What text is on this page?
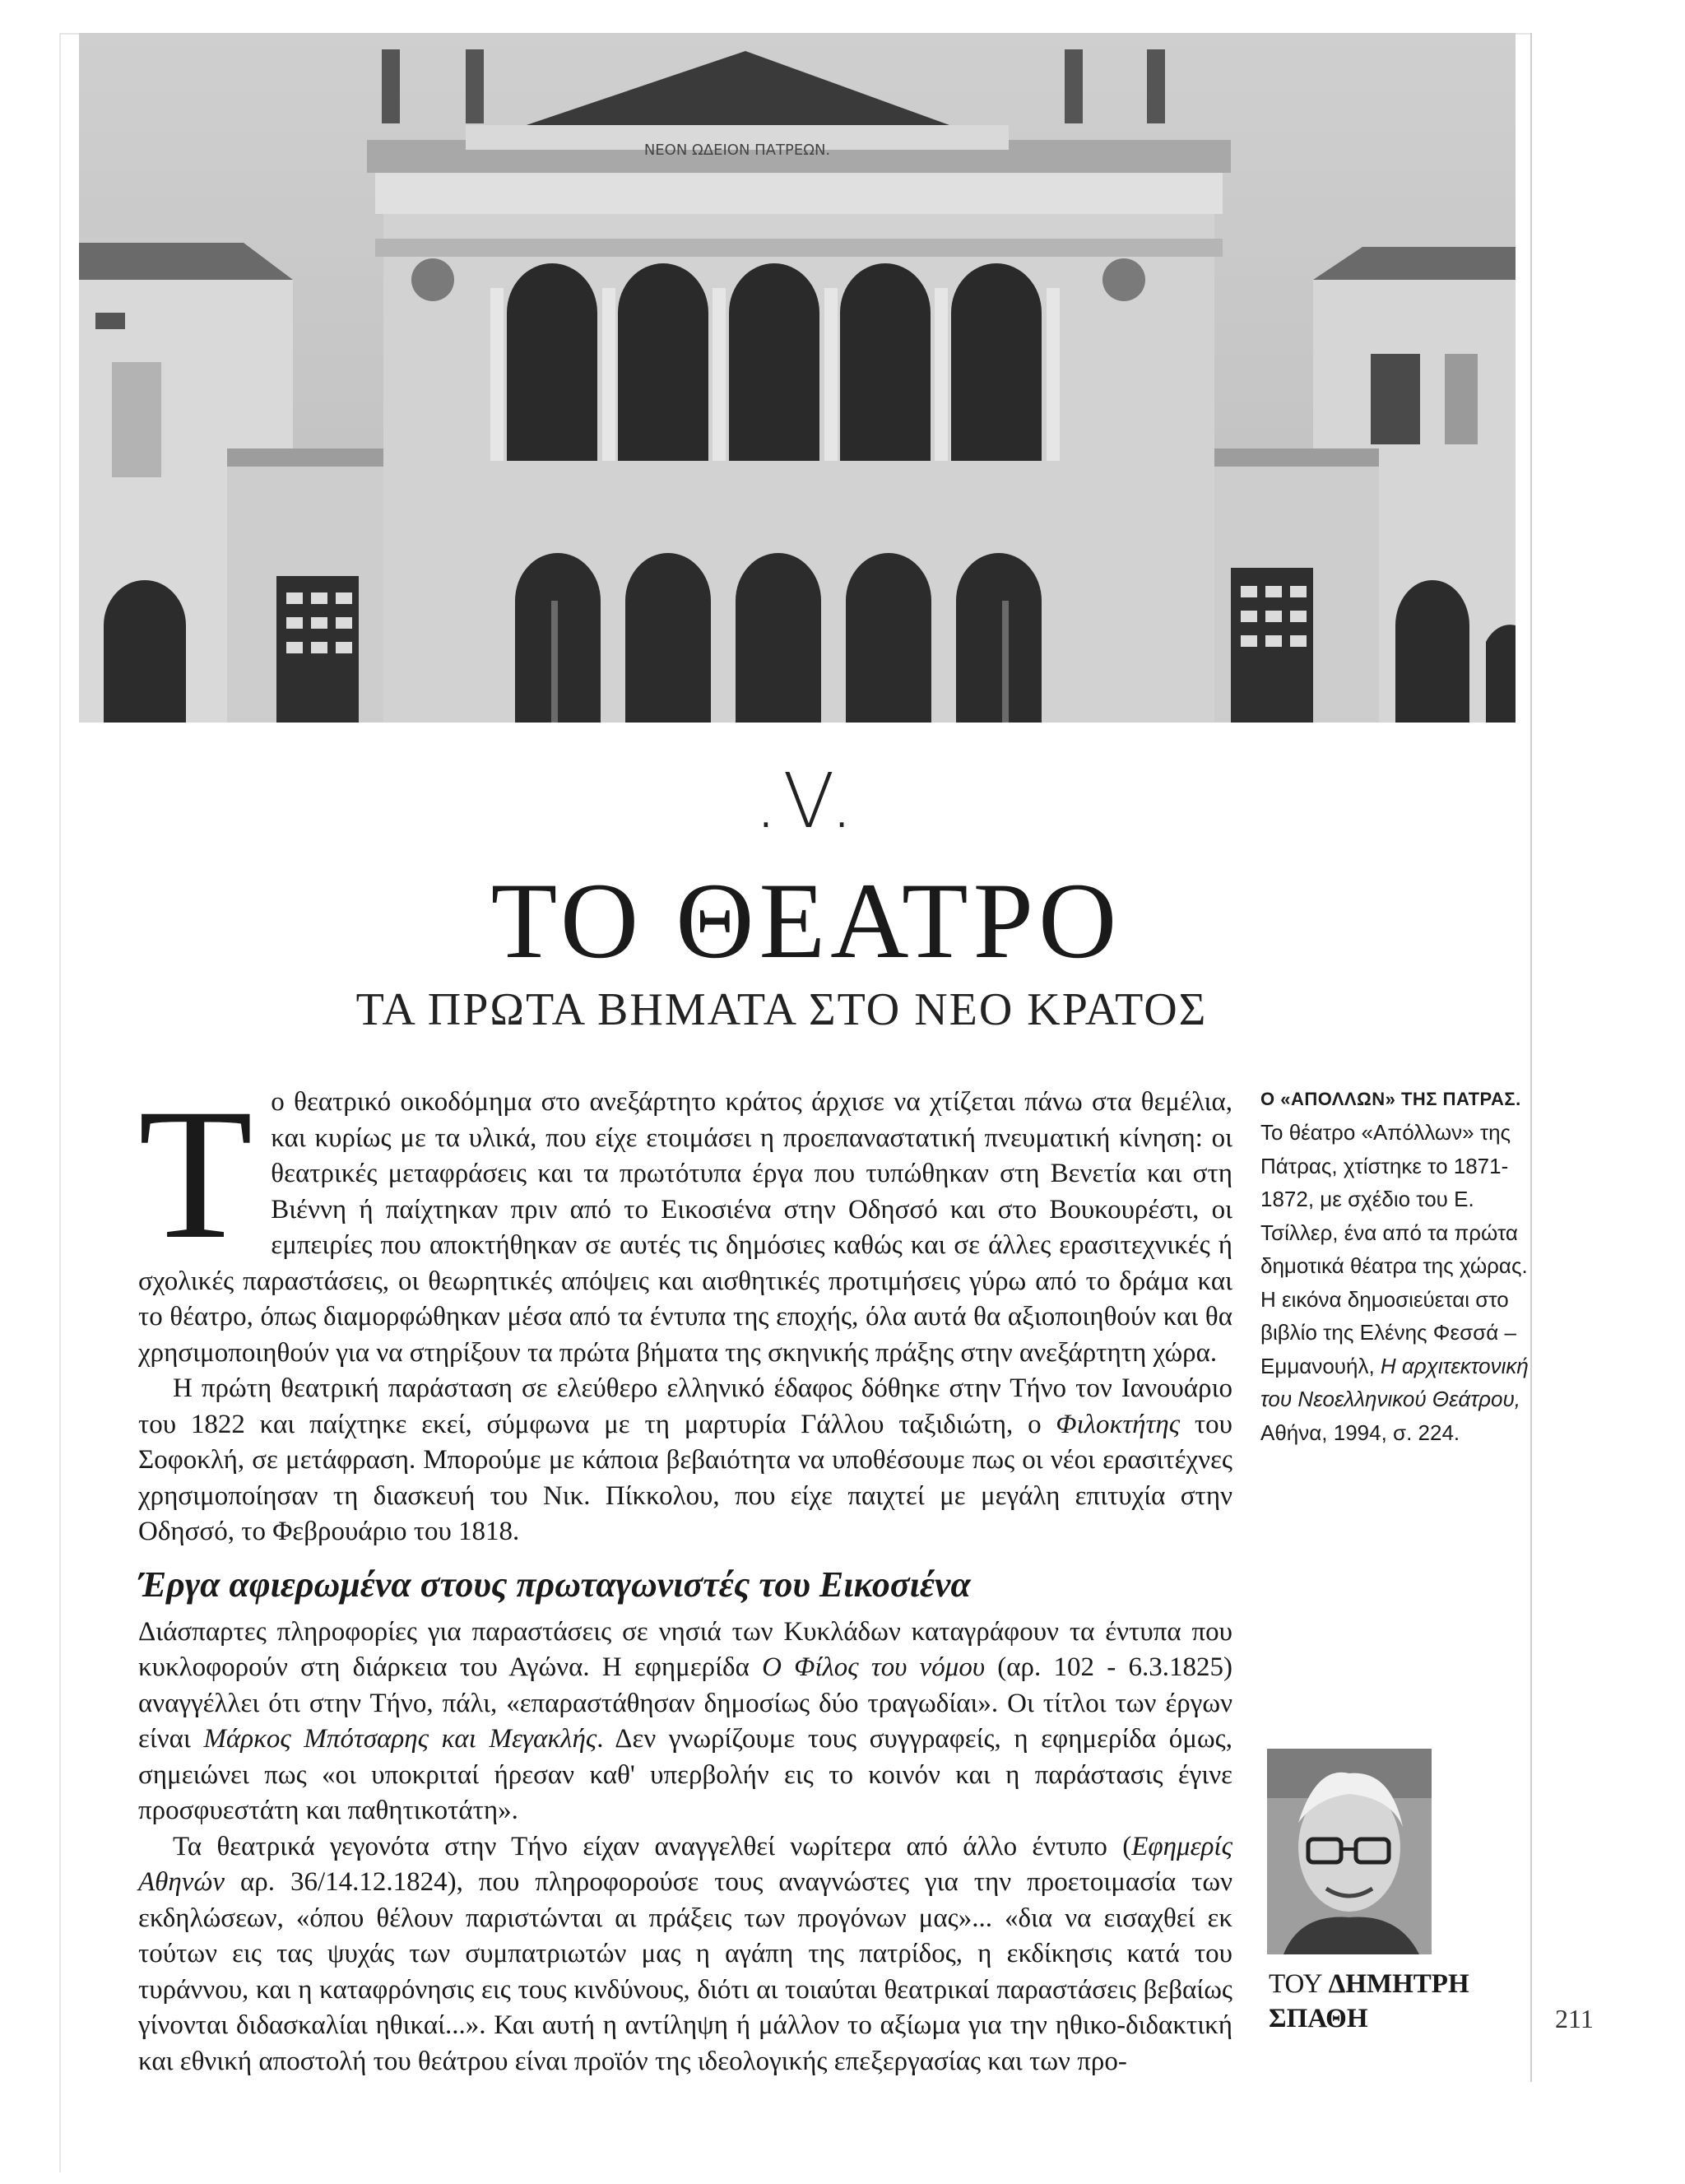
ΝΕΟΝ ΩΔΕΙΟΝ ΠΑΤΡΕΩΝ.
.V.
ΤΟ ΘΕΑΤΡΟ
ΤΑ ΠΡΩΤΑ ΒΗΜΑΤΑ ΣΤΟ ΝΕΟ ΚΡΑΤΟΣ

Το θεατρικό οικοδόμημα στο ανεξάρτητο κράτος άρχισε να χτίζεται πάνω στα θεμέλια, και κυρίως με τα υλικά, που είχε ετοιμάσει η προεπαναστατική πνευματική κίνηση: οι θεατρικές μεταφράσεις και τα πρωτότυπα έργα που τυπώθηκαν στη Βενετία και στη Βιέννη ή παίχτηκαν πριν από το Εικοσιένα στην Οδησσό και στο Βουκουρέστι, οι εμπειρίες που αποκτήθηκαν σε αυτές τις δημόσιες καθώς και σε άλλες ερασιτεχνικές ή σχολικές παραστάσεις, οι θεωρητικές απόψεις και αισθητικές προτιμήσεις γύρω από το δράμα και το θέατρο, όπως διαμορφώθηκαν μέσα από τα έντυπα της εποχής, όλα αυτά θα αξιοποιηθούν και θα χρησιμοποιηθούν για να στηρίξουν τα πρώτα βήματα της σκηνικής πράξης στην ανεξάρτητη χώρα.

Η πρώτη θεατρική παράσταση σε ελεύθερο ελληνικό έδαφος δόθηκε στην Τήνο τον Ιανουάριο του 1822 και παίχτηκε εκεί, σύμφωνα με τη μαρτυρία Γάλλου ταξιδιώτη, ο Φιλοκτήτης του Σοφοκλή, σε μετάφραση. Μπορούμε με κάποια βεβαιότητα να υποθέσουμε πως οι νέοι ερασιτέχνες χρησιμοποίησαν τη διασκευή του Νικ. Πίκκολου, που είχε παιχτεί με μεγάλη επιτυχία στην Οδησσό, το Φεβρουάριο του 1818.

Έργα αφιερωμένα στους πρωταγωνιστές του Εικοσιένα

Διάσπαρτες πληροφορίες για παραστάσεις σε νησιά των Κυκλάδων καταγράφουν τα έντυπα που κυκλοφορούν στη διάρκεια του Αγώνα. Η εφημερίδα Ο Φίλος του νόμου (αρ. 102 - 6.3.1825) αναγγέλλει ότι στην Τήνο, πάλι, «επαραστάθησαν δημοσίως δύο τραγωδίαι». Οι τίτλοι των έργων είναι Μάρκος Μπότσαρης και Μεγακλής. Δεν γνωρίζουμε τους συγγραφείς, η εφημερίδα όμως, σημειώνει πως «οι υποκριταί ήρεσαν καθ' υπερβολήν εις το κοινόν και η παράστασις έγινε προσφυεστάτη και παθητικοτάτη».

Τα θεατρικά γεγονότα στην Τήνο είχαν αναγγελθεί νωρίτερα από άλλο έντυπο (Εφημερίς Αθηνών αρ. 36/14.12.1824), που πληροφορούσε τους αναγνώστες για την προετοιμασία των εκδηλώσεων, «όπου θέλουν παριστώνται αι πράξεις των προγόνων μας»... «δια να εισαχθεί εκ τούτων εις τας ψυχάς των συμπατριωτών μας η αγάπη της πατρίδος, η εκδίκησις κατά του τυράννου, και η καταφρόνησις εις τους κινδύνους, διότι αι τοιαύται θεατρικαί παραστάσεις βεβαίως γίνονται διδασκαλίαι ηθικαί...». Και αυτή η αντίληψη ή μάλλον το αξίωμα για την ηθικο-διδακτική και εθνική αποστολή του θεάτρου είναι προϊόν της ιδεολογικής επεξεργασίας και των προ-

Ο «ΑΠΟΛΛΩΝ» ΤΗΣ ΠΑΤΡΑΣ.
Το θέατρο «Απόλλων» της Πάτρας, χτίστηκε το 1871-1872, με σχέδιο του Ε. Τσίλλερ, ένα από τα πρώτα δημοτικά θέατρα της χώρας. Η εικόνα δημοσιεύεται στο βιβλίο της Ελένης Φεσσά – Εμμανουήλ, Η αρχιτεκτονική του Νεοελληνικού Θεάτρου, Αθήνα, 1994, σ. 224.
ΤΟΥ ΔΗΜΗΤΡΗ
ΣΠΑΘΗ	211
